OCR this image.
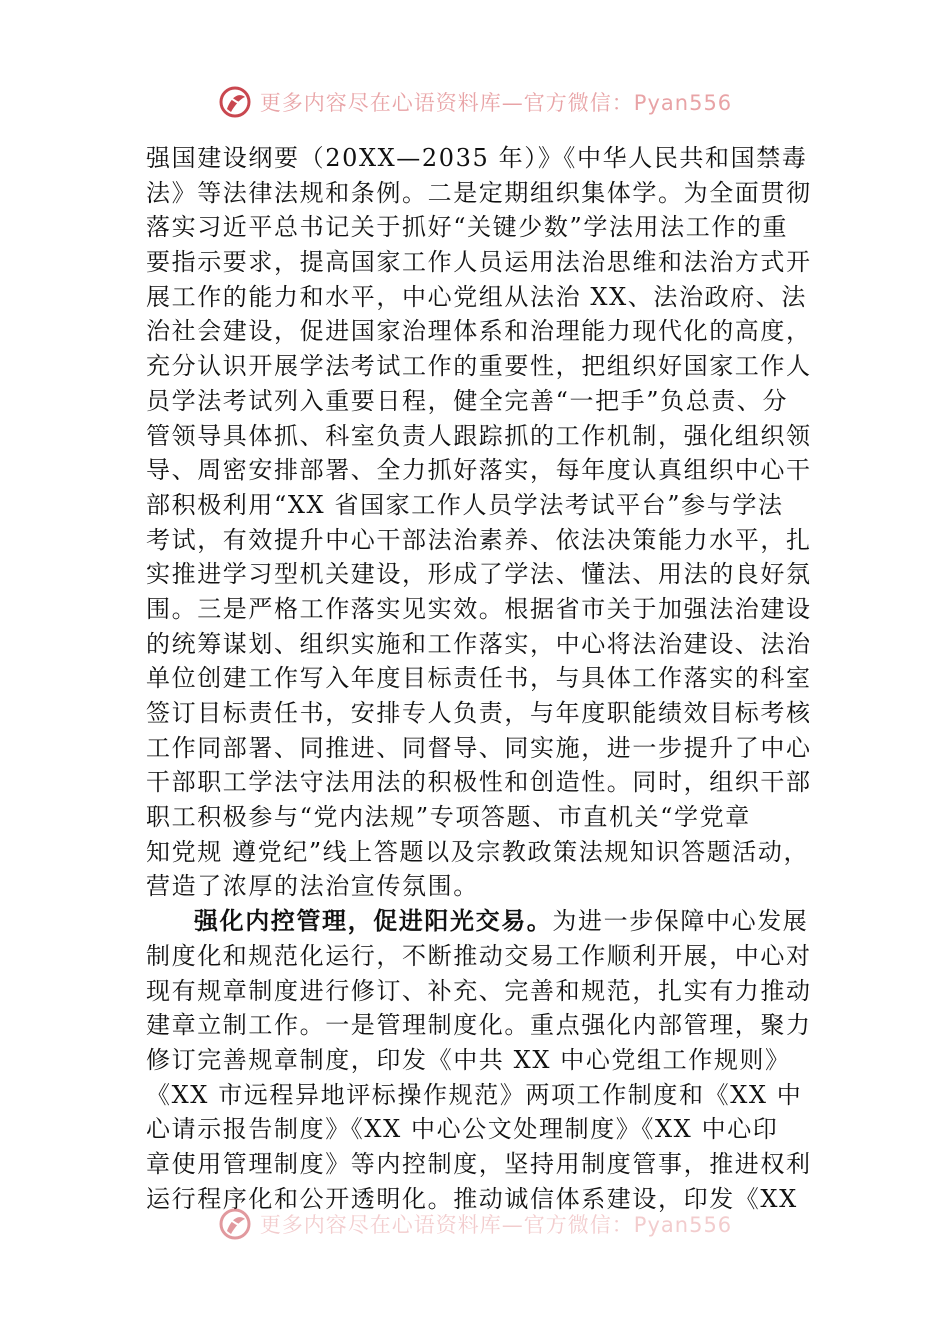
更多内容尽在心语资料库—官方微信：Pyan556
强国建设纲要（20XX—2035 年）》《中华人民共和国禁毒
法》等法律法规和条例。二是定期组织集体学。为全面贯彻
落实习近平总书记关于抓好“关键少数”学法用法工作的重
要指示要求，提高国家工作人员运用法治思维和法治方式开
展工作的能力和水平，中心党组从法治 XX、法治政府、法
治社会建设，促进国家治理体系和治理能力现代化的高度，
充分认识开展学法考试工作的重要性，把组织好国家工作人
员学法考试列入重要日程，健全完善“一把手”负总责、分
管领导具体抓、科室负责人跟踪抓的工作机制，强化组织领
导、周密安排部署、全力抓好落实，每年度认真组织中心干
部积极利用“XX 省国家工作人员学法考试平台”参与学法
考试，有效提升中心干部法治素养、依法决策能力水平，扎
实推进学习型机关建设，形成了学法、懂法、用法的良好氛
围。三是严格工作落实见实效。根据省市关于加强法治建设
的统筹谋划、组织实施和工作落实，中心将法治建设、法治
单位创建工作写入年度目标责任书，与具体工作落实的科室
签订目标责任书，安排专人负责，与年度职能绩效目标考核
工作同部署、同推进、同督导、同实施，进一步提升了中心
干部职工学法守法用法的积极性和创造性。同时，组织干部
职工积极参与“党内法规”专项答题、市直机关“学党章
知党规 遵党纪”线上答题以及宗教政策法规知识答题活动，
营造了浓厚的法治宣传氛围。
强化内控管理，促进阳光交易。为进一步保障中心发展
制度化和规范化运行，不断推动交易工作顺利开展，中心对
现有规章制度进行修订、补充、完善和规范，扎实有力推动
建章立制工作。一是管理制度化。重点强化内部管理，聚力
修订完善规章制度，印发《中共 XX 中心党组工作规则》
《XX 市远程异地评标操作规范》两项工作制度和《XX 中
心请示报告制度》《XX 中心公文处理制度》《XX 中心印
章使用管理制度》等内控制度，坚持用制度管事，推进权利
运行程序化和公开透明化。推动诚信体系建设，印发《XX
更多内容尽在心语资料库—官方微信：Pyan556
